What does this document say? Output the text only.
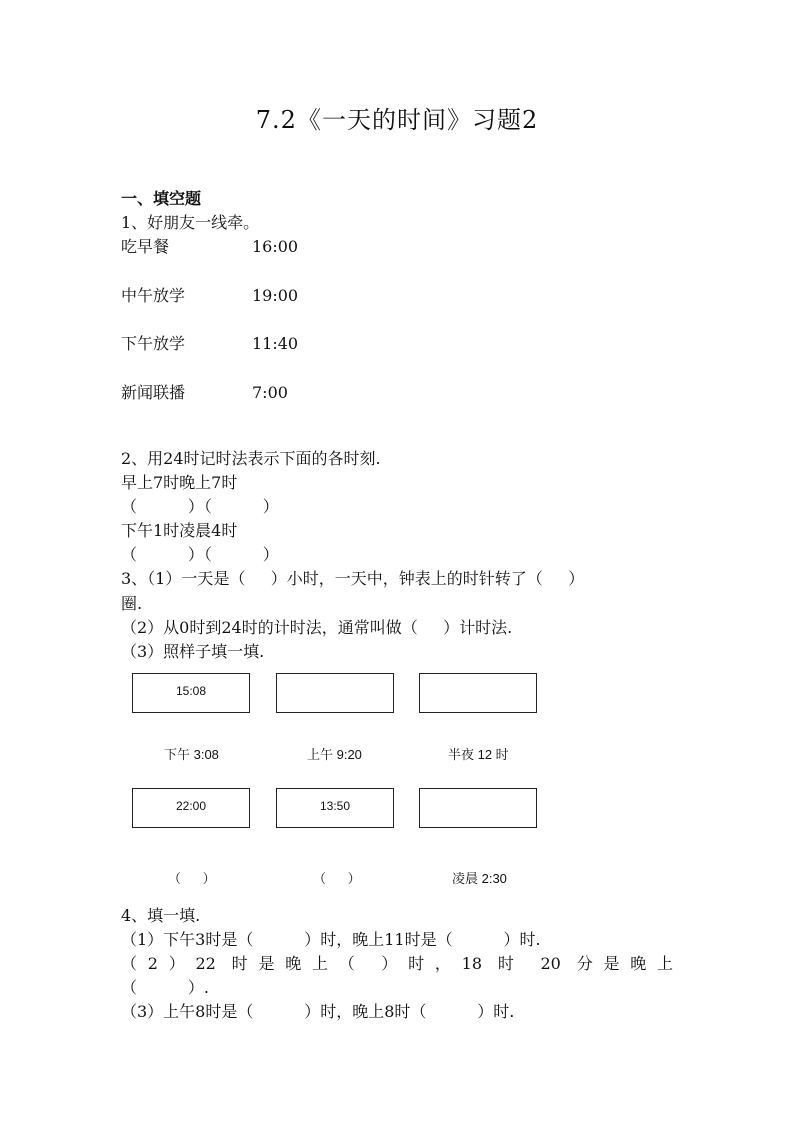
7.2《一天的时间》习题2
一、填空题
1、好朋友一线牵。
吃早餐	16:00
中午放学	19:00
下午放学	11:40
新闻联播	7:00
2、用24时记时法表示下面的各时刻.
早上7时晚上7时
（          ）（          ）
下午1时凌晨4时
（          ）（          ）
3、（1）一天是（     ）小时，一天中，钟表上的时针转了（     ）
圈.
（2）从0时到24时的计时法，通常叫做（     ）计时法.
（3）照样子填一填.
15:08
下午 3:08	上午 9:20	半夜 12 时
22:00	13:50
（      ）	（      ）	凌晨 2:30
4、填一填.
（1）下午3时是（          ）时，晚上11时是（          ）时.
（2）22 时是晚上（ ）时，18 时 20 分是晚上
（          ）.
（3）上午8时是（          ）时，晚上8时（          ）时.
